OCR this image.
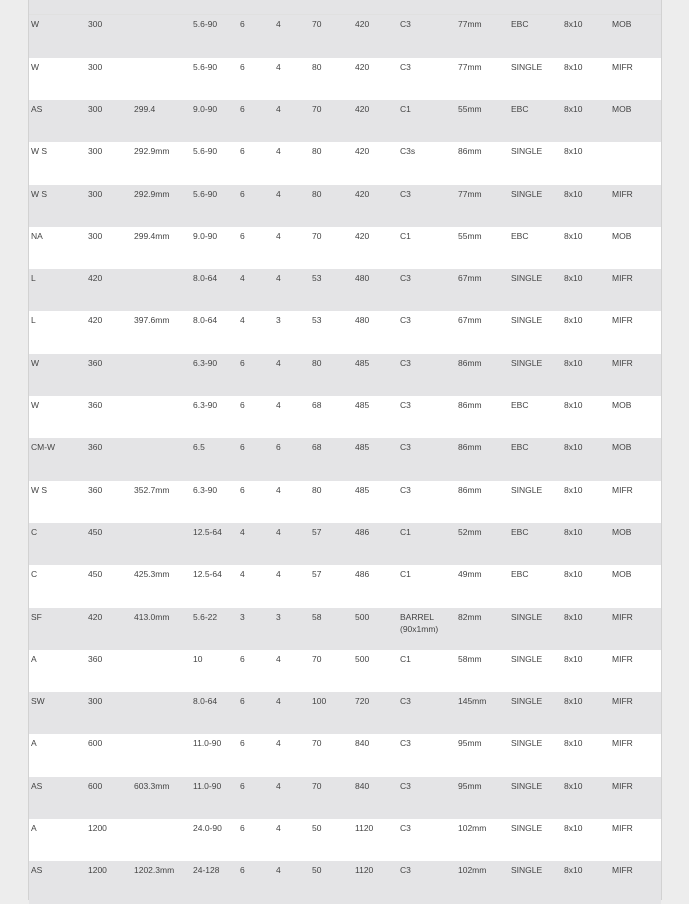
W	300		5.6-90	6	4	70	420	C3	77mm	EBC	8x10	MOB
W	300		5.6-90	6	4	80	420	C3	77mm	SINGLE	8x10	MIFR
AS	300	299.4	9.0-90	6	4	70	420	C1	55mm	EBC	8x10	MOB
W S	300	292.9mm	5.6-90	6	4	80	420	C3s	86mm	SINGLE	8x10	
W S	300	292.9mm	5.6-90	6	4	80	420	C3	77mm	SINGLE	8x10	MIFR
NA	300	299.4mm	9.0-90	6	4	70	420	C1	55mm	EBC	8x10	MOB
L	420		8.0-64	4	4	53	480	C3	67mm	SINGLE	8x10	MIFR
L	420	397.6mm	8.0-64	4	3	53	480	C3	67mm	SINGLE	8x10	MIFR
W	360		6.3-90	6	4	80	485	C3	86mm	SINGLE	8x10	MIFR
W	360		6.3-90	6	4	68	485	C3	86mm	EBC	8x10	MOB
CM-W	360		6.5	6	6	68	485	C3	86mm	EBC	8x10	MOB
W S	360	352.7mm	6.3-90	6	4	80	485	C3	86mm	SINGLE	8x10	MIFR
C	450		12.5-64	4	4	57	486	C1	52mm	EBC	8x10	MOB
C	450	425.3mm	12.5-64	4	4	57	486	C1	49mm	EBC	8x10	MOB
SF	420	413.0mm	5.6-22	3	3	58	500	BARREL (90x1mm)	82mm	SINGLE	8x10	MIFR
A	360		10	6	4	70	500	C1	58mm	SINGLE	8x10	MIFR
SW	300		8.0-64	6	4	100	720	C3	145mm	SINGLE	8x10	MIFR
A	600		11.0-90	6	4	70	840	C3	95mm	SINGLE	8x10	MIFR
AS	600	603.3mm	11.0-90	6	4	70	840	C3	95mm	SINGLE	8x10	MIFR
A	1200		24.0-90	6	4	50	1120	C3	102mm	SINGLE	8x10	MIFR
AS	1200	1202.3mm	24-128	6	4	50	1120	C3	102mm	SINGLE	8x10	MIFR
